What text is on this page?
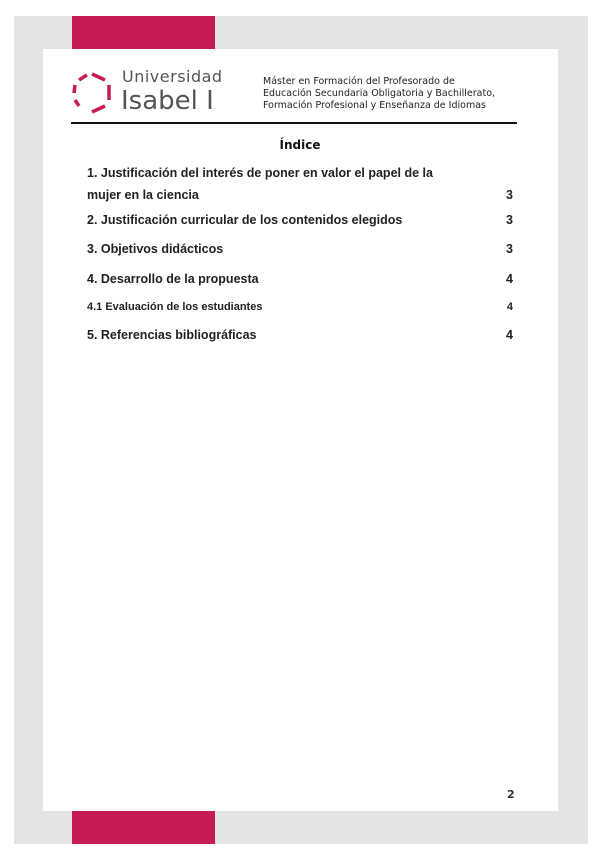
Universidad
Isabel I
Máster en Formación del Profesorado de
Educación Secundaria Obligatoria y Bachillerato,
Formación Profesional y Enseñanza de Idiomas
Índice
1. Justificación del interés de poner en valor el papel de la
mujer en la ciencia	3
2. Justificación curricular de los contenidos elegidos	3
3. Objetivos didácticos	3
4. Desarrollo de la propuesta	4
4.1 Evaluación de los estudiantes	4
5. Referencias bibliográficas	4
2
